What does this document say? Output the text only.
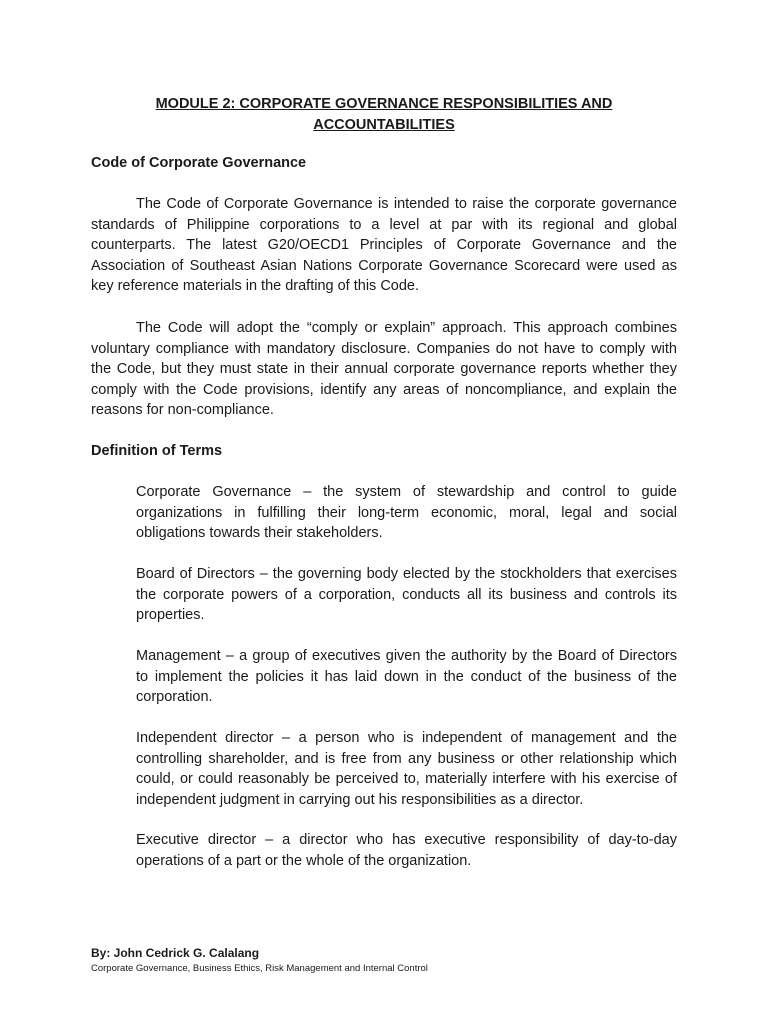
MODULE 2: CORPORATE GOVERNANCE RESPONSIBILITIES AND ACCOUNTABILITIES
Code of Corporate Governance

The Code of Corporate Governance is intended to raise the corporate governance standards of Philippine corporations to a level at par with its regional and global counterparts. The latest G20/OECD1 Principles of Corporate Governance and the Association of Southeast Asian Nations Corporate Governance Scorecard were used as key reference materials in the drafting of this Code.

The Code will adopt the “comply or explain” approach. This approach combines voluntary compliance with mandatory disclosure. Companies do not have to comply with the Code, but they must state in their annual corporate governance reports whether they comply with the Code provisions, identify any areas of noncompliance, and explain the reasons for non-compliance.

Definition of Terms

Corporate Governance – the system of stewardship and control to guide organizations in fulfilling their long-term economic, moral, legal and social obligations towards their stakeholders.

Board of Directors – the governing body elected by the stockholders that exercises the corporate powers of a corporation, conducts all its business and controls its properties.

Management – a group of executives given the authority by the Board of Directors to implement the policies it has laid down in the conduct of the business of the corporation.

Independent director – a person who is independent of management and the controlling shareholder, and is free from any business or other relationship which could, or could reasonably be perceived to, materially interfere with his exercise of independent judgment in carrying out his responsibilities as a director.

Executive director – a director who has executive responsibility of day-to-day operations of a part or the whole of the organization.

By: John Cedrick G. Calalang

Corporate Governance, Business Ethics, Risk Management and Internal Control
